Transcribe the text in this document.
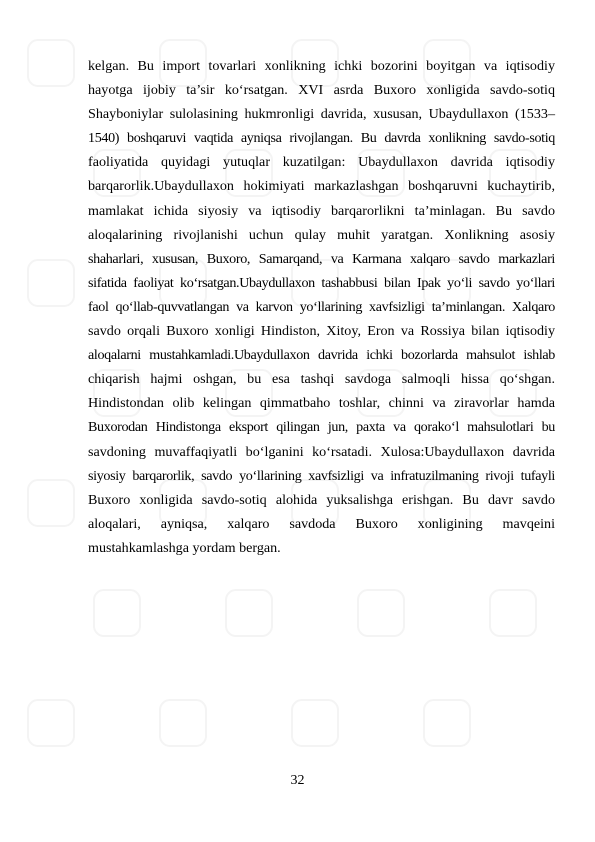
kelgan. Bu import tovarlari xonlikning ichki bozorini boyitgan va iqtisodiy
hayotga ijobiy ta’sir ko‘rsatgan. XVI asrda Buxoro xonligida savdo-sotiq
Shayboniylar sulolasining hukmronligi davrida, xususan, Ubaydullaxon (1533–
1540) boshqaruvi vaqtida ayniqsa rivojlangan. Bu davrda xonlikning savdo-sotiq
faoliyatida quyidagi yutuqlar kuzatilgan: Ubaydullaxon davrida iqtisodiy
barqarorlik.Ubaydullaxon hokimiyati markazlashgan boshqaruvni kuchaytirib,
mamlakat ichida siyosiy va iqtisodiy barqarorlikni ta’minlagan. Bu savdo
aloqalarining rivojlanishi uchun qulay muhit yaratgan. Xonlikning asosiy
shaharlari, xususan, Buxoro, Samarqand, va Karmana xalqaro savdo markazlari
sifatida faoliyat ko‘rsatgan.Ubaydullaxon tashabbusi bilan Ipak yo‘li savdo yo‘llari
faol qo‘llab-quvvatlangan va karvon yo‘llarining xavfsizligi ta’minlangan. Xalqaro
savdo orqali Buxoro xonligi Hindiston, Xitoy, Eron va Rossiya bilan iqtisodiy
aloqalarni mustahkamladi.Ubaydullaxon davrida ichki bozorlarda mahsulot ishlab
chiqarish hajmi oshgan, bu esa tashqi savdoga salmoqli hissa qo‘shgan.
Hindistondan olib kelingan qimmatbaho toshlar, chinni va ziravorlar hamda
Buxorodan Hindistonga eksport qilingan jun, paxta va qorako‘l mahsulotlari bu
savdoning muvaffaqiyatli bo‘lganini ko‘rsatadi. Xulosa:Ubaydullaxon davrida
siyosiy barqarorlik, savdo yo‘llarining xavfsizligi va infratuzilmaning rivoji tufayli
Buxoro xonligida savdo-sotiq alohida yuksalishga erishgan. Bu davr savdo
aloqalari, ayniqsa, xalqaro savdoda Buxoro xonligining mavqeini
mustahkamlashga yordam bergan.
32
